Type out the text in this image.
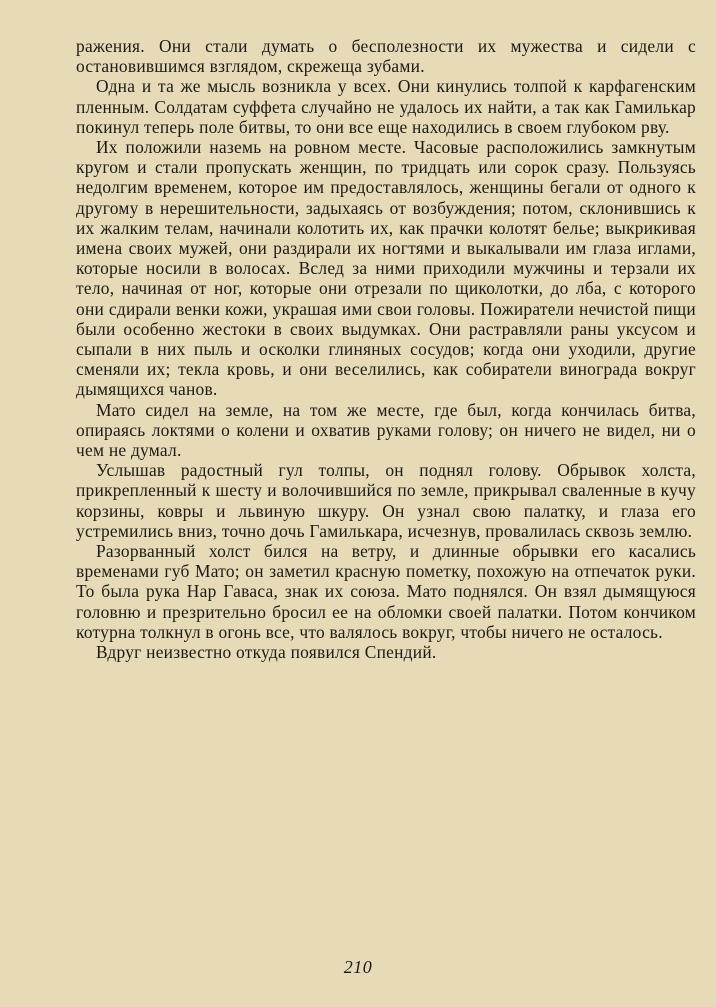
ражения. Они стали думать о бесполезности их мужества и сидели с остановившимся взглядом, скрежеща зубами.

Одна и та же мысль возникла у всех. Они кинулись толпой к карфагенским пленным. Солдатам суффета случайно не удалось их найти, а так как Гамилькар покинул теперь поле битвы, то они все еще находились в своем глубоком рву.

Их положили наземь на ровном месте. Часовые расположились замкнутым кругом и стали пропускать женщин, по тридцать или сорок сразу. Пользуясь недолгим временем, которое им предоставлялось, женщины бегали от одного к другому в нерешительности, задыхаясь от возбуждения; потом, склонившись к их жалким телам, начинали колотить их, как прачки колотят белье; выкрикивая имена своих мужей, они раздирали их ногтями и выкалывали им глаза иглами, которые носили в волосах. Вслед за ними приходили мужчины и терзали их тело, начиная от ног, которые они отрезали по щиколотки, до лба, с которого они сдирали венки кожи, украшая ими свои головы. Пожиратели нечистой пищи были особенно жестоки в своих выдумках. Они растравляли раны уксусом и сыпали в них пыль и осколки глиняных сосудов; когда они уходили, другие сменяли их; текла кровь, и они веселились, как собиратели винограда вокруг дымящихся чанов.

Мато сидел на земле, на том же месте, где был, когда кончилась битва, опираясь локтями о колени и охватив руками голову; он ничего не видел, ни о чем не думал.

Услышав радостный гул толпы, он поднял голову. Обрывок холста, прикрепленный к шесту и волочившийся по земле, прикрывал сваленные в кучу корзины, ковры и львиную шкуру. Он узнал свою палатку, и глаза его устремились вниз, точно дочь Гамилькара, исчезнув, провалилась сквозь землю.

Разорванный холст бился на ветру, и длинные обрывки его касались временами губ Мато; он заметил красную пометку, похожую на отпечаток руки. То была рука Нар Гаваса, знак их союза. Мато поднялся. Он взял дымящуюся головню и презрительно бросил ее на обломки своей палатки. Потом кончиком котурна толкнул в огонь все, что валялось вокруг, чтобы ничего не осталось.

Вдруг неизвестно откуда появился Спендий.

210
